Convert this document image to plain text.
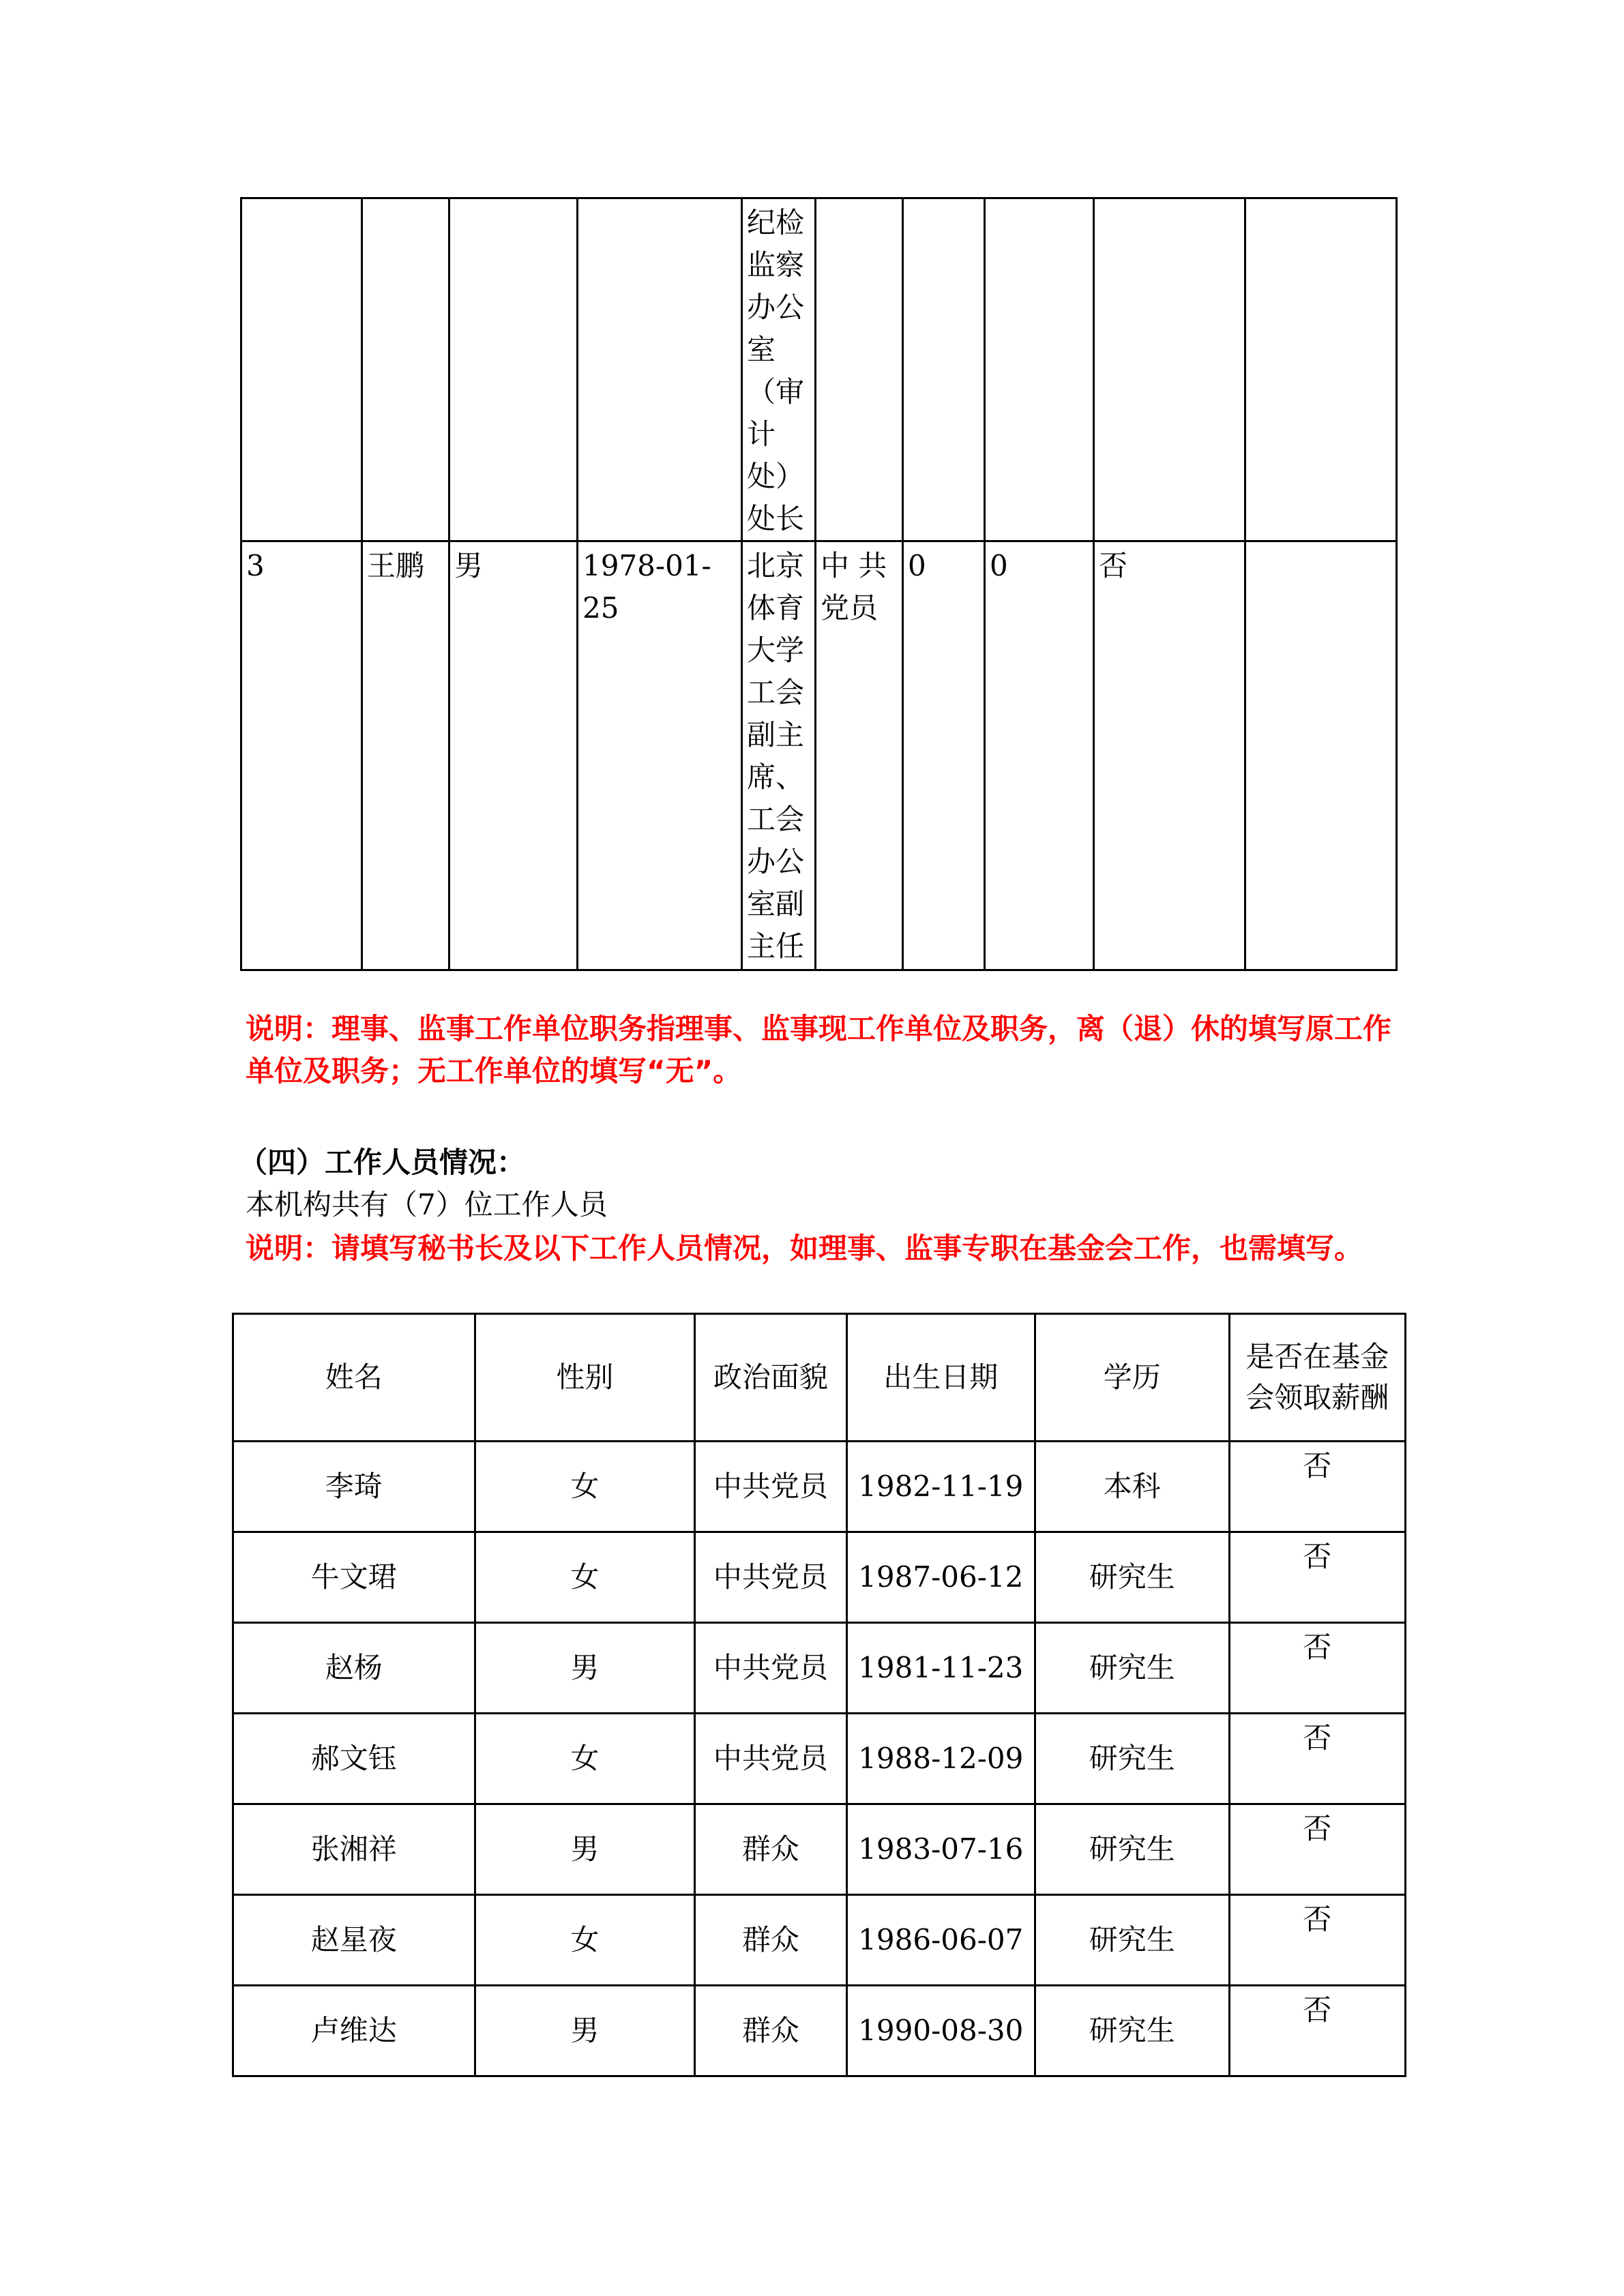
				纪检监察办公室（审计处）处长					

3	王鹏	男	1978-01-25	北京体育大学工会副主席、工会办公室副主任	中 共党员	0	0	否	
说明：理事、监事工作单位职务指理事、监事现工作单位及职务，离（退）休的填写原工作单位及职务；无工作单位的填写“无”。
（四）工作人员情况：
本机构共有（7）位工作人员
说明：请填写秘书长及以下工作人员情况，如理事、监事专职在基金会工作，也需填写。
姓名	性别	政治面貌	出生日期	学历	是否在基金会领取薪酬
李琦	女	中共党员	1982-11-19	本科	否
牛文珺	女	中共党员	1987-06-12	研究生	否
赵杨	男	中共党员	1981-11-23	研究生	否
郝文钰	女	中共党员	1988-12-09	研究生	否
张湘祥	男	群众	1983-07-16	研究生	否
赵星夜	女	群众	1986-06-07	研究生	否
卢维达	男	群众	1990-08-30	研究生	否
